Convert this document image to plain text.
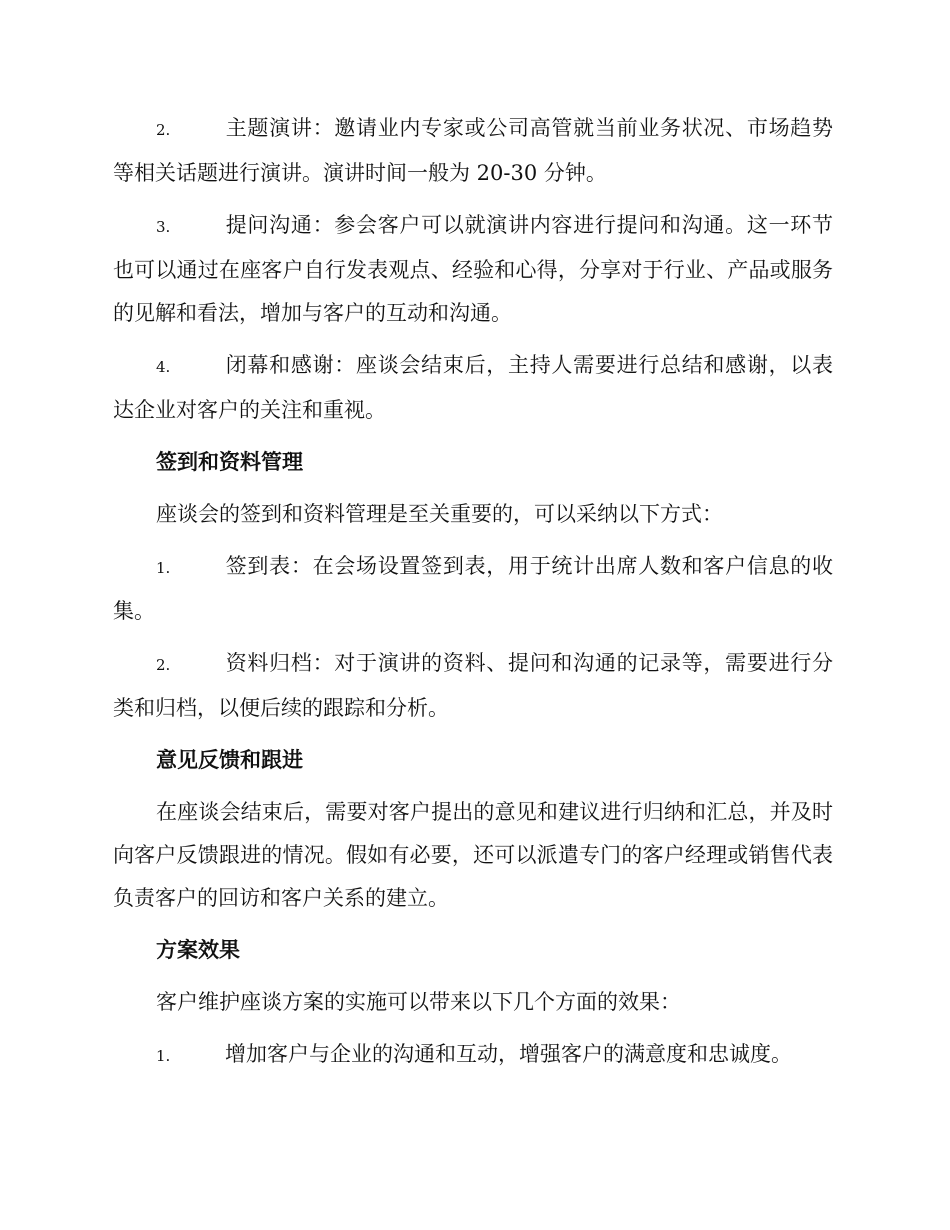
2.	主题演讲：邀请业内专家或公司高管就当前业务状况、市场趋势等相关话题进行演讲。演讲时间一般为 20-30 分钟。

3.	提问沟通：参会客户可以就演讲内容进行提问和沟通。这一环节也可以通过在座客户自行发表观点、经验和心得，分享对于行业、产品或服务的见解和看法，增加与客户的互动和沟通。

4.	闭幕和感谢：座谈会结束后，主持人需要进行总结和感谢，以表达企业对客户的关注和重视。

签到和资料管理

座谈会的签到和资料管理是至关重要的，可以采纳以下方式：

1.	签到表：在会场设置签到表，用于统计出席人数和客户信息的收集。

2.	资料归档：对于演讲的资料、提问和沟通的记录等，需要进行分类和归档，以便后续的跟踪和分析。

意见反馈和跟进

在座谈会结束后，需要对客户提出的意见和建议进行归纳和汇总，并及时向客户反馈跟进的情况。假如有必要，还可以派遣专门的客户经理或销售代表负责客户的回访和客户关系的建立。

方案效果

客户维护座谈方案的实施可以带来以下几个方面的效果：

1.	增加客户与企业的沟通和互动，增强客户的满意度和忠诚度。
